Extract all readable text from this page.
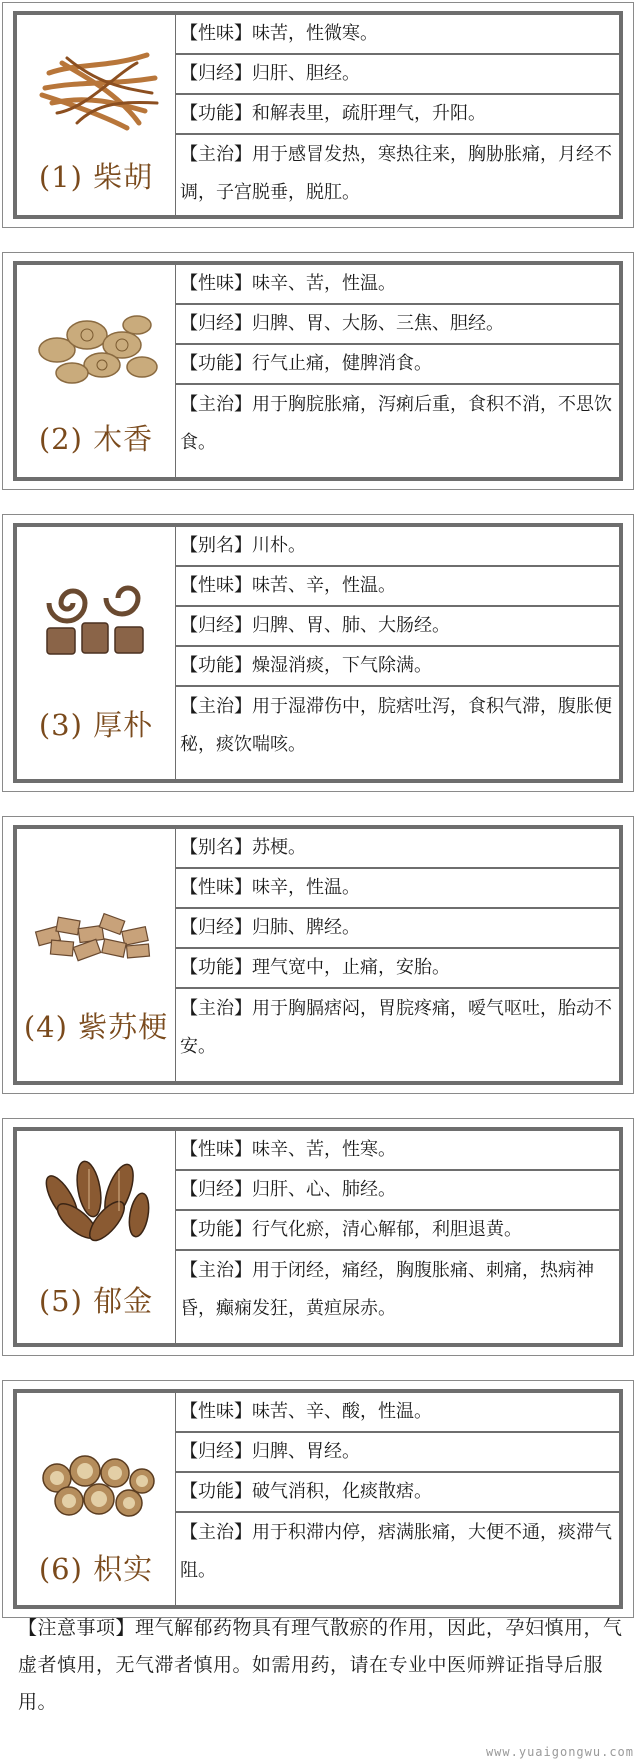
(1) 柴胡
【性味】味苦，性微寒。
【归经】归肝、胆经。
【功能】和解表里，疏肝理气，升阳。
【主治】用于感冒发热，寒热往来，胸胁胀痛，月经不调，子宫脱垂，脱肛。
(2) 木香
【性味】味辛、苦，性温。
【归经】归脾、胃、大肠、三焦、胆经。
【功能】行气止痛，健脾消食。
【主治】用于胸脘胀痛，泻痢后重，食积不消，不思饮食。
(3) 厚朴
【别名】川朴。
【性味】味苦、辛，性温。
【归经】归脾、胃、肺、大肠经。
【功能】燥湿消痰，下气除满。
【主治】用于湿滞伤中，脘痞吐泻，食积气滞，腹胀便秘，痰饮喘咳。
(4) 紫苏梗
【别名】苏梗。
【性味】味辛，性温。
【归经】归肺、脾经。
【功能】理气宽中，止痛，安胎。
【主治】用于胸膈痞闷，胃脘疼痛，嗳气呕吐，胎动不安。
(5) 郁金
【性味】味辛、苦，性寒。
【归经】归肝、心、肺经。
【功能】行气化瘀，清心解郁，利胆退黄。
【主治】用于闭经，痛经，胸腹胀痛、刺痛，热病神昏，癫痫发狂，黄疸尿赤。
(6) 枳实
【性味】味苦、辛、酸，性温。
【归经】归脾、胃经。
【功能】破气消积，化痰散痞。
【主治】用于积滞内停，痞满胀痛，大便不通，痰滞气阻。
【注意事项】理气解郁药物具有理气散瘀的作用，因此，孕妇慎用，气虚者慎用，无气滞者慎用。如需用药，请在专业中医师辨证指导后服用。
www.yuaigongwu.com
